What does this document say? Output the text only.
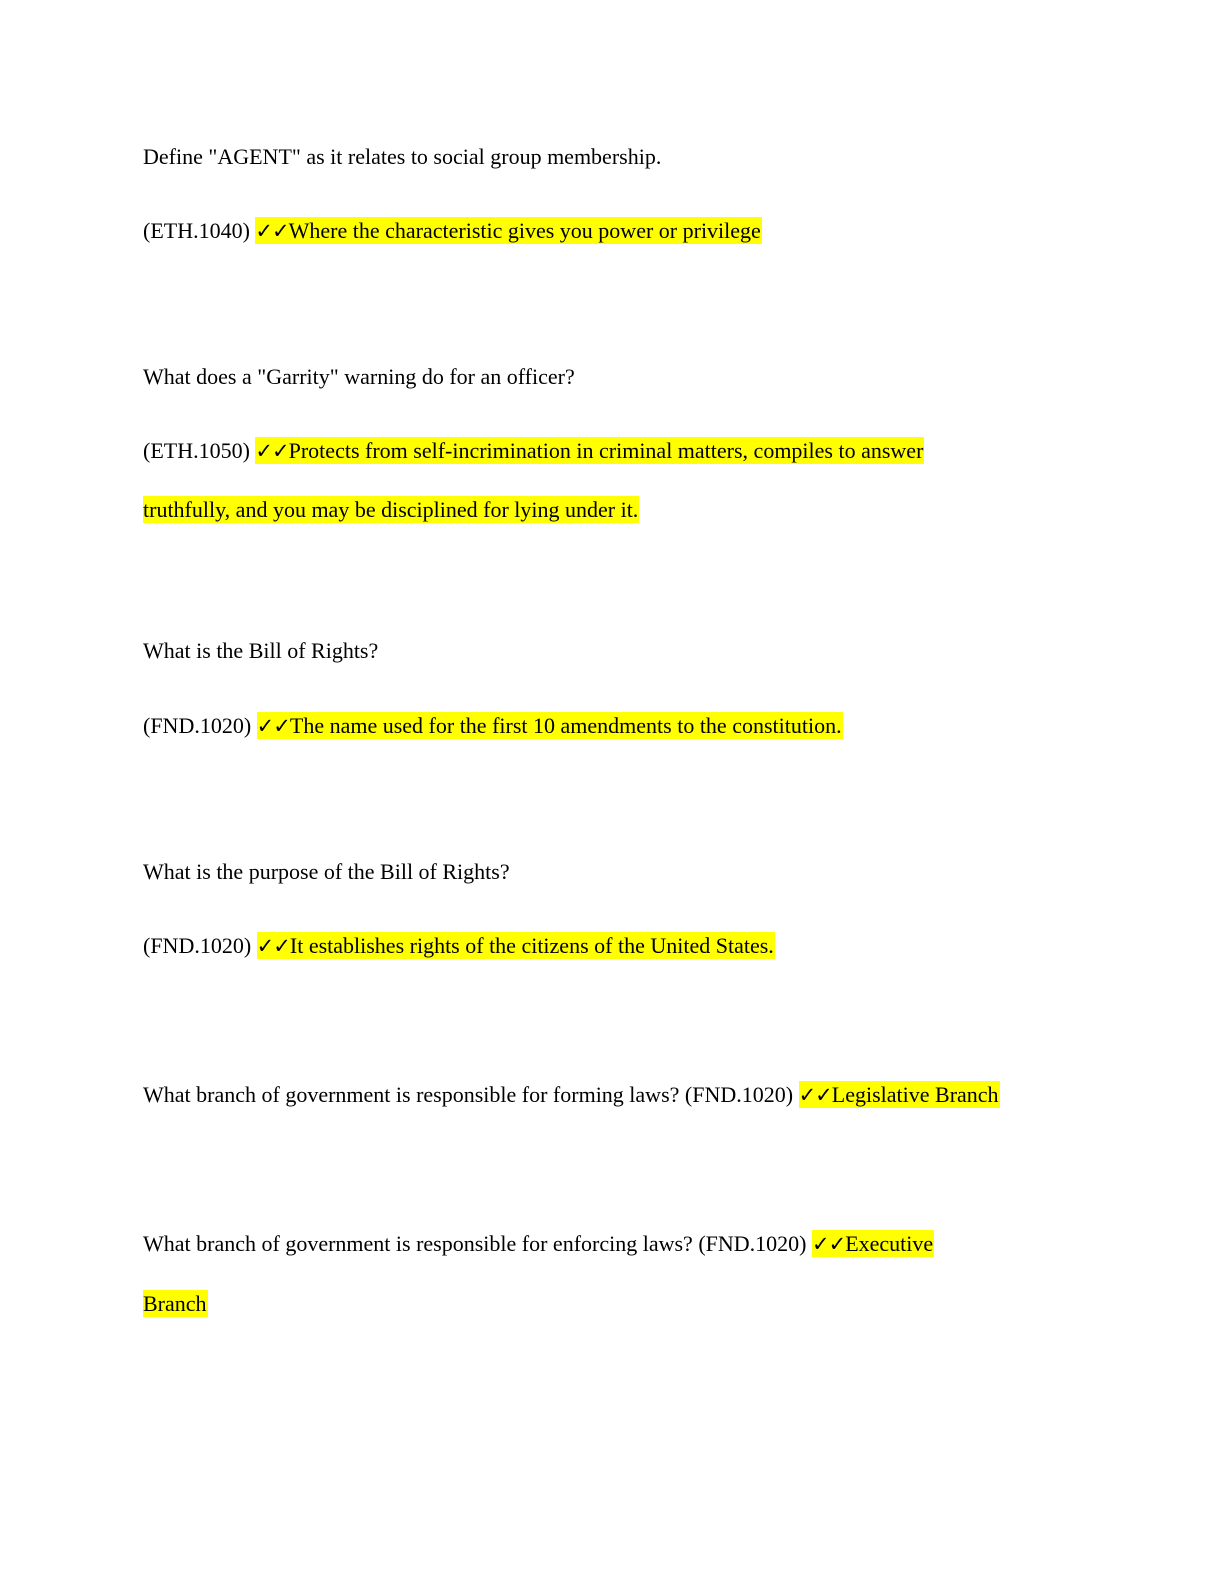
Define "AGENT" as it relates to social group membership.
(ETH.1040) ✓✓Where the characteristic gives you power or privilege
What does a "Garrity" warning do for an officer?
(ETH.1050) ✓✓Protects from self-incrimination in criminal matters, compiles to answer
truthfully, and you may be disciplined for lying under it.
What is the Bill of Rights?
(FND.1020) ✓✓The name used for the first 10 amendments to the constitution.
What is the purpose of the Bill of Rights?
(FND.1020) ✓✓It establishes rights of the citizens of the United States.
What branch of government is responsible for forming laws? (FND.1020) ✓✓Legislative Branch
What branch of government is responsible for enforcing laws? (FND.1020) ✓✓Executive
Branch
